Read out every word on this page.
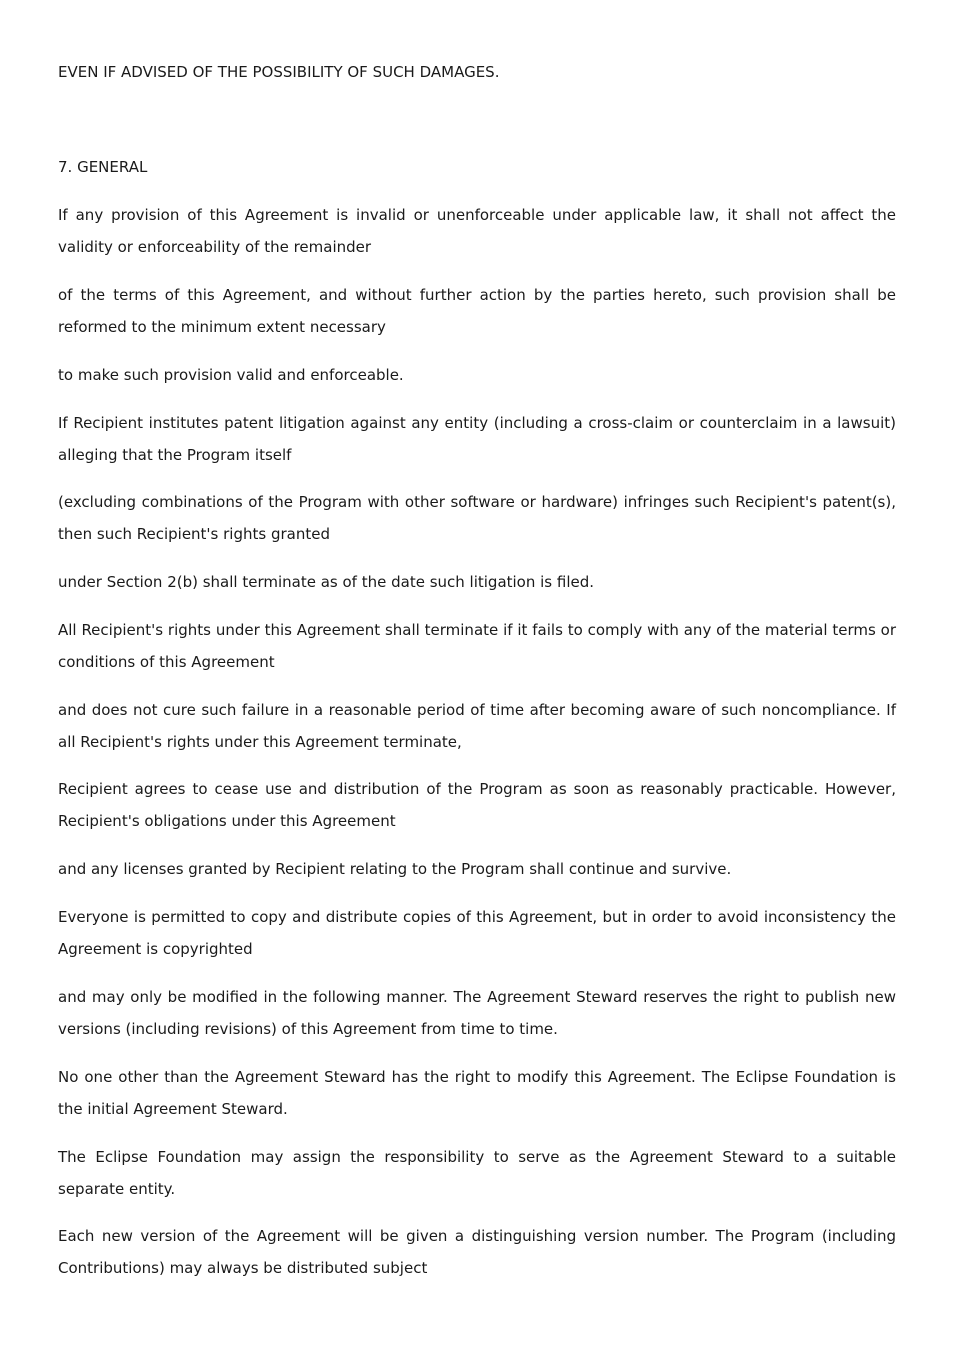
EVEN IF ADVISED OF THE POSSIBILITY OF SUCH DAMAGES.
7. GENERAL
If any provision of this Agreement is invalid or unenforceable under applicable law, it shall not affect the validity or enforceability of the remainder
of the terms of this Agreement, and without further action by the parties hereto, such provision shall be reformed to the minimum extent necessary
to make such provision valid and enforceable.
If Recipient institutes patent litigation against any entity (including a cross-claim or counterclaim in a lawsuit) alleging that the Program itself
(excluding combinations of the Program with other software or hardware) infringes such Recipient's patent(s), then such Recipient's rights granted
under Section 2(b) shall terminate as of the date such litigation is filed.
All Recipient's rights under this Agreement shall terminate if it fails to comply with any of the material terms or conditions of this Agreement
and does not cure such failure in a reasonable period of time after becoming aware of such noncompliance. If all Recipient's rights under this Agreement terminate,
Recipient agrees to cease use and distribution of the Program as soon as reasonably practicable. However, Recipient's obligations under this Agreement
and any licenses granted by Recipient relating to the Program shall continue and survive.
Everyone is permitted to copy and distribute copies of this Agreement, but in order to avoid inconsistency the Agreement is copyrighted
and may only be modified in the following manner. The Agreement Steward reserves the right to publish new versions (including revisions) of this Agreement from time to time.
No one other than the Agreement Steward has the right to modify this Agreement. The Eclipse Foundation is the initial Agreement Steward.
The Eclipse Foundation may assign the responsibility to serve as the Agreement Steward to a suitable separate entity.
Each new version of the Agreement will be given a distinguishing version number. The Program (including Contributions) may always be distributed subject
